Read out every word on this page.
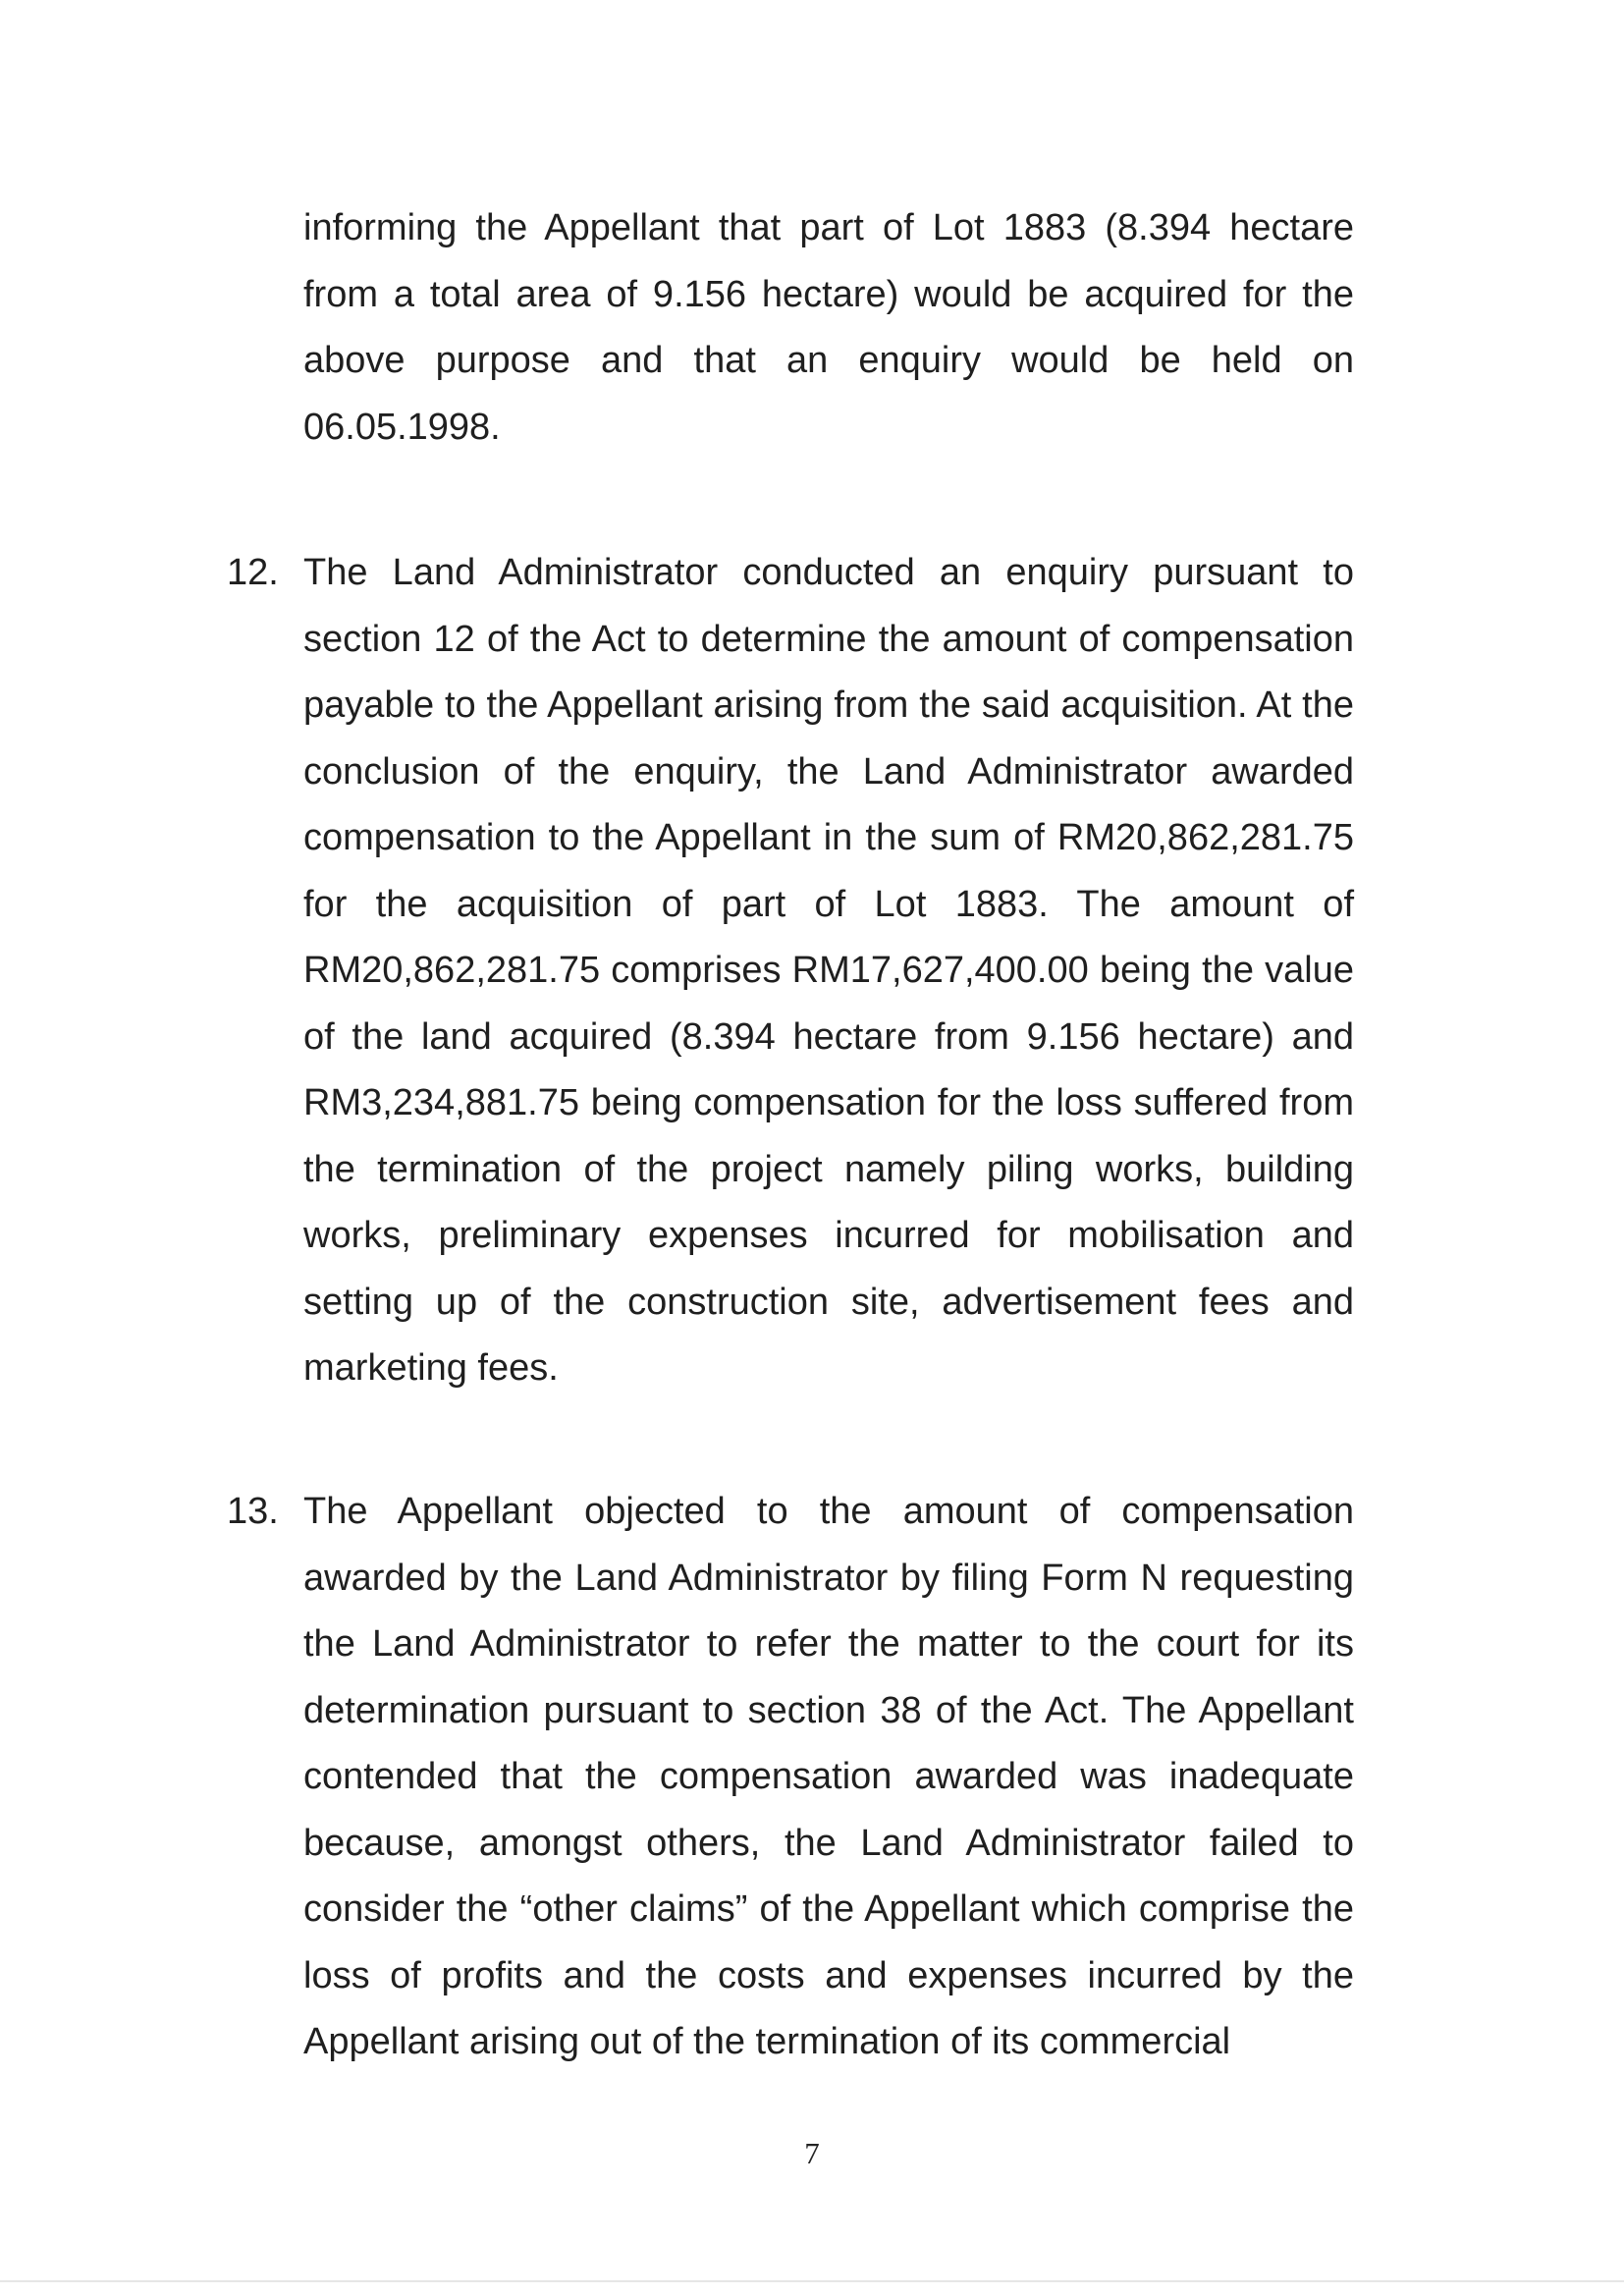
informing the Appellant that part of Lot 1883 (8.394 hectare from a total area of 9.156 hectare) would be acquired for the above purpose and that an enquiry would be held on 06.05.1998.

12. The Land Administrator conducted an enquiry pursuant to section 12 of the Act to determine the amount of compensation payable to the Appellant arising from the said acquisition. At the conclusion of the enquiry, the Land Administrator awarded compensation to the Appellant in the sum of RM20,862,281.75 for the acquisition of part of Lot 1883. The amount of RM20,862,281.75 comprises RM17,627,400.00 being the value of the land acquired (8.394 hectare from 9.156 hectare) and RM3,234,881.75 being compensation for the loss suffered from the termination of the project namely piling works, building works, preliminary expenses incurred for mobilisation and setting up of the construction site, advertisement fees and marketing fees.

13. The Appellant objected to the amount of compensation awarded by the Land Administrator by filing Form N requesting the Land Administrator to refer the matter to the court for its determination pursuant to section 38 of the Act. The Appellant contended that the compensation awarded was inadequate because, amongst others, the Land Administrator failed to consider the “other claims” of the Appellant which comprise the loss of profits and the costs and expenses incurred by the Appellant arising out of the termination of its commercial

7
